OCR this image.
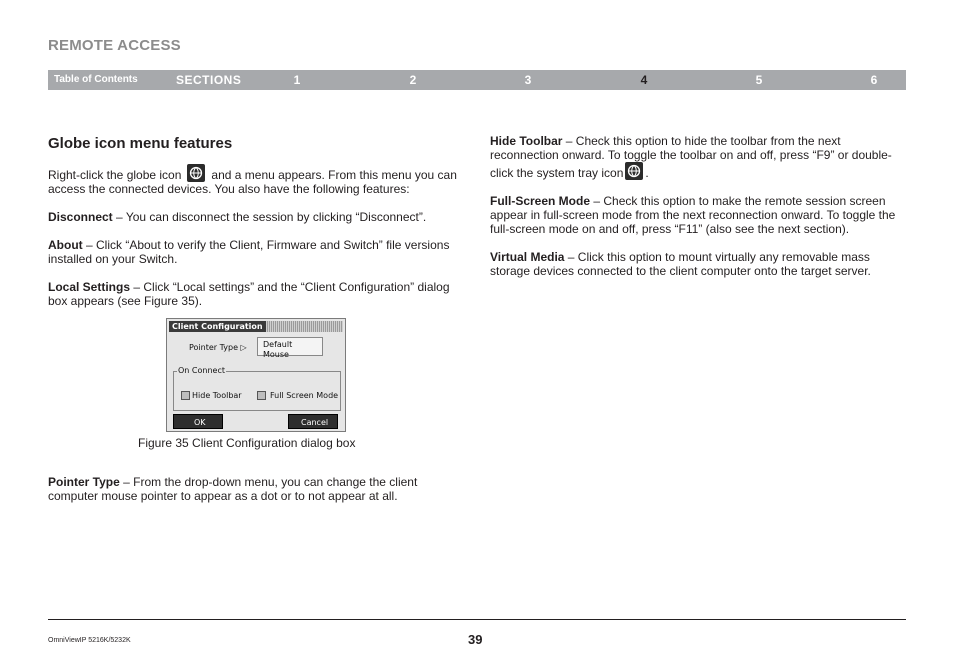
REMOTE ACCESS
Table of Contents	SECTIONS	1	2	3	4	5	6
Globe icon menu features

Right-click the globe icon	and a menu appears. From this menu you can access the connected devices. You also have the following features:

Disconnect – You can disconnect the session by clicking “Disconnect”.

About – Click “About to verify the Client, Firmware and Switch” file versions installed on your Switch.

Local Settings – Click “Local settings” and the “Client Configuration” dialog box appears (see Figure 35).

Client Configuration
Pointer Type ▷	Default Mouse
On Connect
Hide Toolbar	Full Screen Mode
OK	Cancel
Figure 35 Client Configuration dialog box

Pointer Type – From the drop-down menu, you can change the client computer mouse pointer to appear as a dot or to not appear at all.

Hide Toolbar – Check this option to hide the toolbar from the next reconnection onward. To toggle the toolbar on and off, press “F9” or double-click the system tray icon .

Full-Screen Mode – Check this option to make the remote session screen appear in full-screen mode from the next reconnection onward. To toggle the full-screen mode on and off, press “F11” (also see the next section).

Virtual Media – Click this option to mount virtually any removable mass storage devices connected to the client computer onto the target server.

OmniViewIP 5216K/5232K	39
